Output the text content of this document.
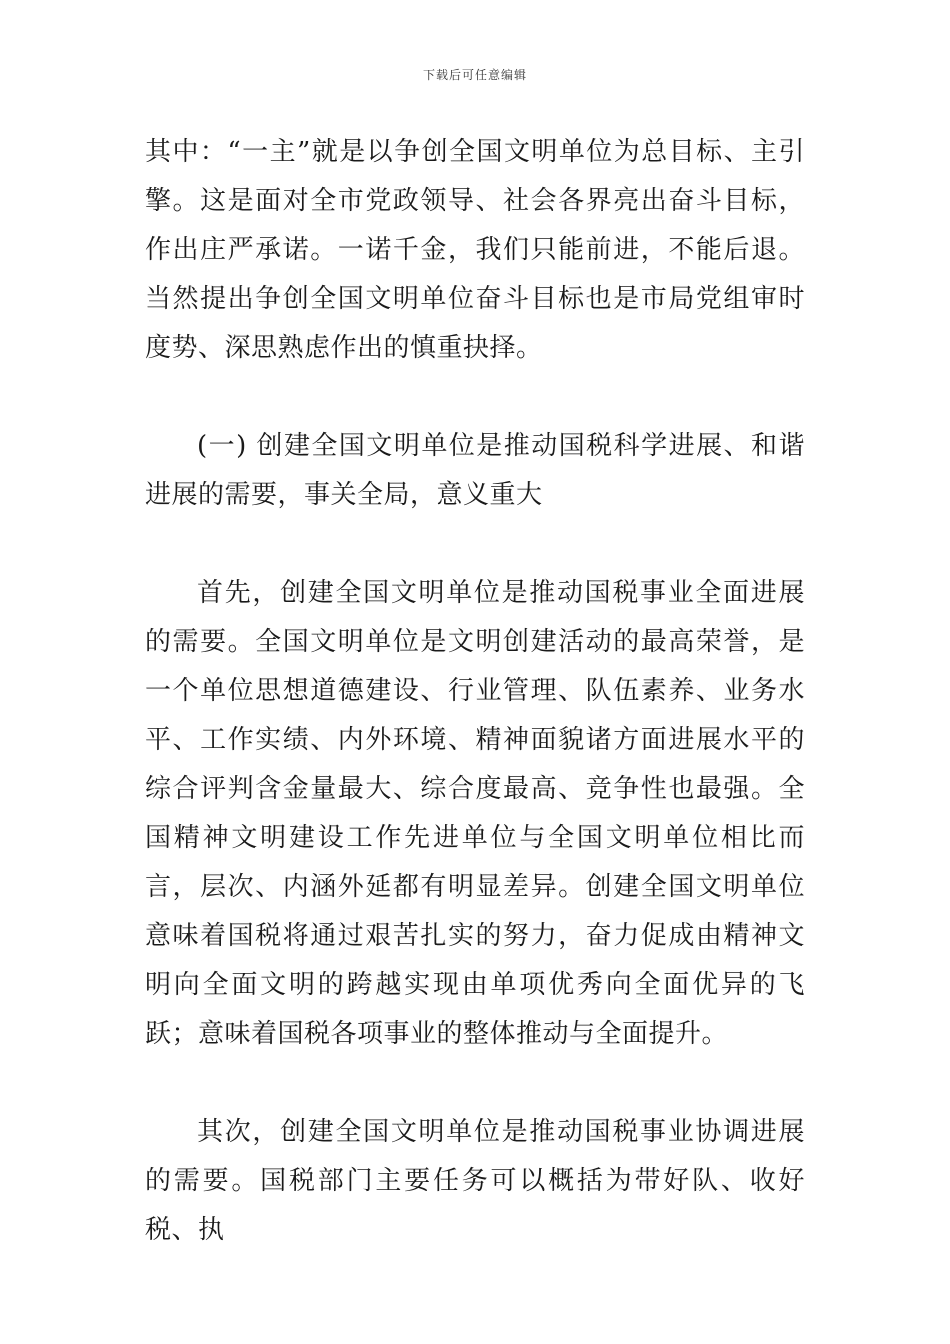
下载后可任意编辑

其中：“一主”就是以争创全国文明单位为总目标、主引擎。这是面对全市党政领导、社会各界亮出奋斗目标，作出庄严承诺。一诺千金，我们只能前进，不能后退。当然提出争创全国文明单位奋斗目标也是市局党组审时度势、深思熟虑作出的慎重抉择。

(一) 创建全国文明单位是推动国税科学进展、和谐进展的需要，事关全局，意义重大

首先，创建全国文明单位是推动国税事业全面进展的需要。全国文明单位是文明创建活动的最高荣誉，是一个单位思想道德建设、行业管理、队伍素养、业务水平、工作实绩、内外环境、精神面貌诸方面进展水平的综合评判含金量最大、综合度最高、竞争性也最强。全国精神文明建设工作先进单位与全国文明单位相比而言，层次、内涵外延都有明显差异。创建全国文明单位意味着国税将通过艰苦扎实的努力，奋力促成由精神文明向全面文明的跨越实现由单项优秀向全面优异的飞跃；意味着国税各项事业的整体推动与全面提升。

其次，创建全国文明单位是推动国税事业协调进展的需要。国税部门主要任务可以概括为带好队、收好税、执
